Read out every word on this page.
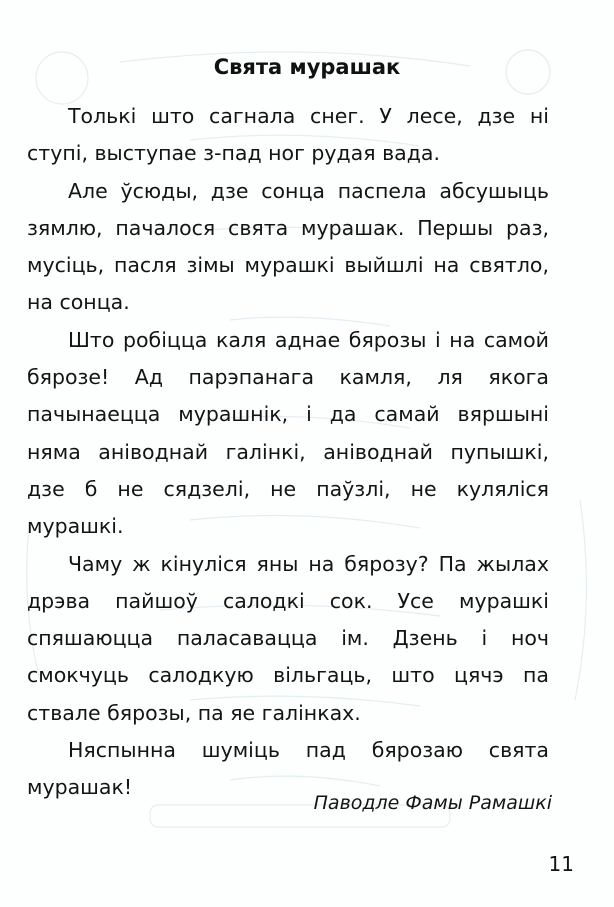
Свята мурашак

Толькі што сагнала снег. У лесе, дзе ні ступі, выступае з-пад ног рудая вада.

Але ўсюды, дзе сонца паспела абсушыць зямлю, пачалося свята мурашак. Першы раз, мусіць, пасля зімы мурашкі выйшлі на святло, на сонца.

Што робіцца каля аднае бярозы і на самой бярозе! Ад парэпанага камля, ля якога пачынаецца мурашнік, і да самай вяршыні няма аніводнай галінкі, аніводнай пупышкі, дзе б не сядзелі, не паўзлі, не куляліся мурашкі.

Чаму ж кінуліся яны на бярозу? Па жылах дрэва пайшоў салодкі сок. Усе мурашкі спяшаюцца паласавацца ім. Дзень і ноч смокчуць салодкую вільгаць, што цячэ па ствале бярозы, па яе галінках.

Няспынна шуміць пад бярозаю свята мурашак!

Паводле Фамы Рамашкі

11
